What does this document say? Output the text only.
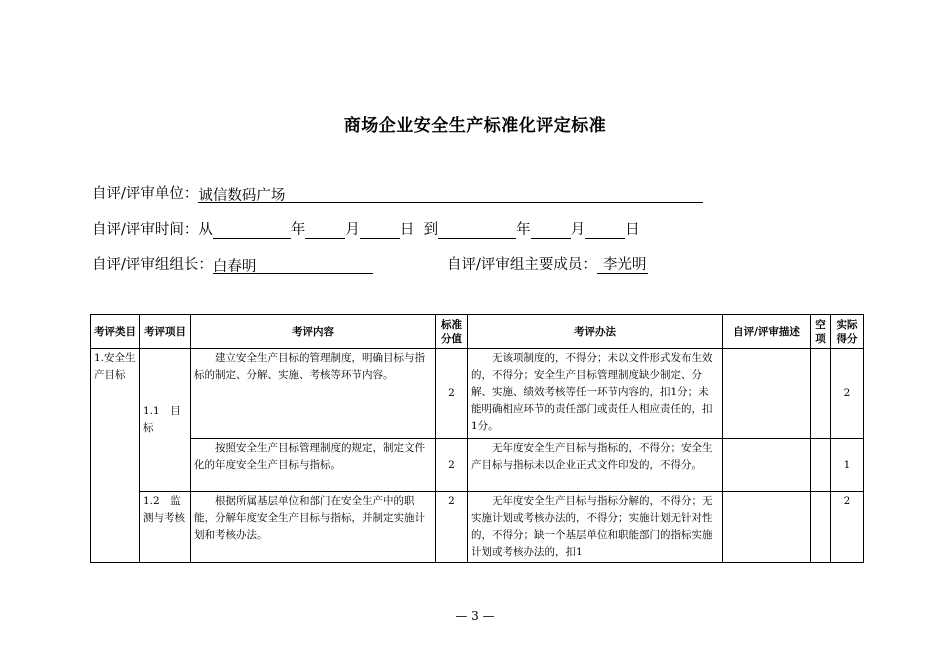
商场企业安全生产标准化评定标准
自评/评审单位：诚信数码广场
自评/评审时间：从	年	月	日 到	年	月	日
自评/评审组组长：白春明	自评/评审组主要成员： 李光明
考评类目	考评项目	考评内容	标准分值	考评办法	自评/评审描述	空项	实际得分
1.安全生产目标	1.1　目标	建立安全生产目标的管理制度，明确目标与指标的制定、分解、实施、考核等环节内容。	2	无该项制度的，不得分；未以文件形式发布生效的，不得分；安全生产目标管理制度缺少制定、分解、实施、绩效考核等任一环节内容的，扣1分；未能明确相应环节的责任部门或责任人相应责任的，扣1分。			2
		按照安全生产目标管理制度的规定，制定文件化的年度安全生产目标与指标。	2	无年度安全生产目标与指标的，不得分；安全生产目标与指标未以企业正式文件印发的，不得分。			1
	1.2　监测与考核	根据所属基层单位和部门在安全生产中的职能，分解年度安全生产目标与指标，并制定实施计划和考核办法。	2	无年度安全生产目标与指标分解的，不得分；无实施计划或考核办法的，不得分；实施计划无针对性的，不得分；缺一个基层单位和职能部门的指标实施计划或考核办法的，扣1			2
— 3 —
